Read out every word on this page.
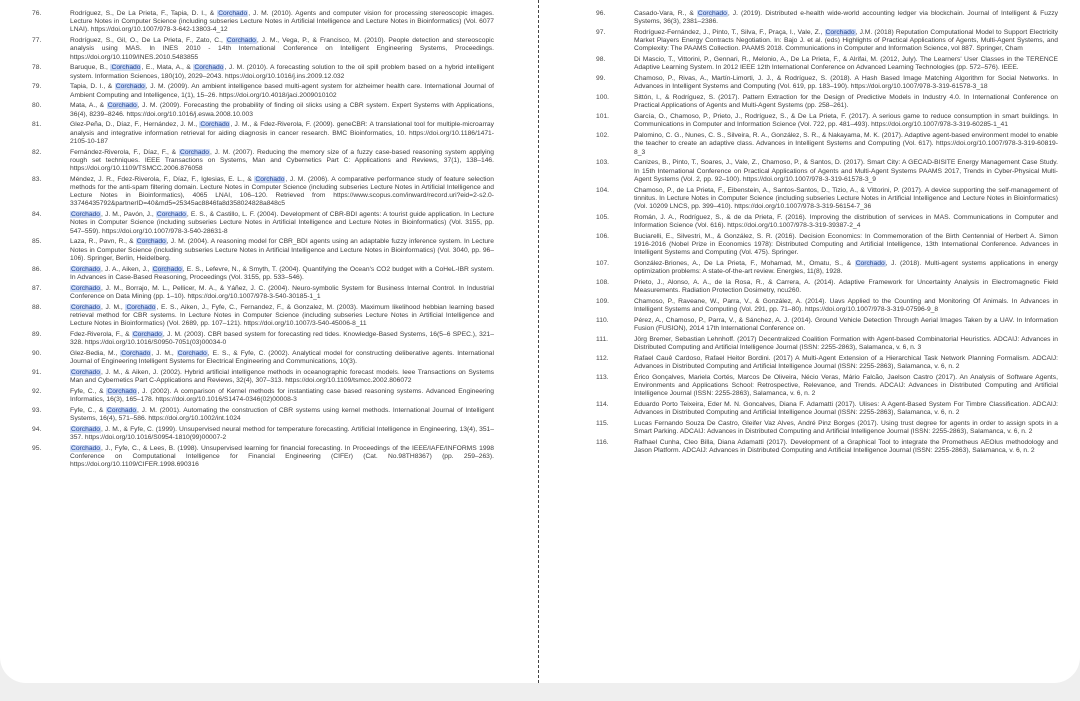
76.	Rodríguez, S., De La Prieta, F., Tapia, D. I., & Corchado, J. M. (2010). Agents and computer vision for processing stereoscopic images. Lecture Notes in Computer Science (including subseries Lecture Notes in Artificial Intelligence and Lecture Notes in Bioinformatics) (Vol. 6077 LNAI). https://doi.org/10.1007/978-3-642-13803-4_12
77.	Rodríguez, S., Gil, O., De La Prieta, F., Zato, C., Corchado, J. M., Vega, P., & Francisco, M. (2010). People detection and stereoscopic analysis using MAS. In INES 2010 - 14th International Conference on Intelligent Engineering Systems, Proceedings. https://doi.org/10.1109/INES.2010.5483855
78.	Baruque, B., Corchado, E., Mata, A., & Corchado, J. M. (2010). A forecasting solution to the oil spill problem based on a hybrid intelligent system. Information Sciences, 180(10), 2029–2043. https://doi.org/10.1016/j.ins.2009.12.032
79.	Tapia, D. I., & Corchado, J. M. (2009). An ambient intelligence based multi-agent system for alzheimer health care. International Journal of Ambient Computing and Intelligence, 1(1), 15–26. https://doi.org/10.4018/jaci.2009010102
80.	Mata, A., & Corchado, J. M. (2009). Forecasting the probability of finding oil slicks using a CBR system. Expert Systems with Applications, 36(4), 8239–8246. https://doi.org/10.1016/j.eswa.2008.10.003
81.	Glez-Peña, D., Díaz, F., Hernández, J. M., Corchado, J. M., & Fdez-Riverola, F. (2009). geneCBR: A translational tool for multiple-microarray analysis and integrative information retrieval for aiding diagnosis in cancer research. BMC Bioinformatics, 10. https://doi.org/10.1186/1471-2105-10-187
82.	Fernández-Riverola, F., Díaz, F., & Corchado, J. M. (2007). Reducing the memory size of a fuzzy case-based reasoning system applying rough set techniques. IEEE Transactions on Systems, Man and Cybernetics Part C: Applications and Reviews, 37(1), 138–146. https://doi.org/10.1109/TSMCC.2006.876058
83.	Méndez, J. R., Fdez-Riverola, F., Díaz, F., Iglesias, E. L., & Corchado, J. M. (2006). A comparative performance study of feature selection methods for the anti-spam filtering domain. Lecture Notes in Computer Science (including subseries Lecture Notes in Artificial Intelligence and Lecture Notes in Bioinformatics), 4065 LNAI, 106–120. Retrieved from https://www.scopus.com/inward/record.uri?eid=2-s2.0-33746435792&partnerID=40&md5=25345ac8846fa8d358024828a848c5
84.	Corchado, J. M., Pavón, J., Corchado, E. S., & Castillo, L. F. (2004). Development of CBR-BDI agents: A tourist guide application. In Lecture Notes in Computer Science (including subseries Lecture Notes in Artificial Intelligence and Lecture Notes in Bioinformatics) (Vol. 3155, pp. 547–559). https://doi.org/10.1007/978-3-540-28631-8
85.	Laza, R., Pavn, R., & Corchado, J. M. (2004). A reasoning model for CBR_BDI agents using an adaptable fuzzy inference system. In Lecture Notes in Computer Science (including subseries Lecture Notes in Artificial Intelligence and Lecture Notes in Bioinformatics) (Vol. 3040, pp. 96–106). Springer, Berlin, Heidelberg.
86.	Corchado, J. A., Aiken, J., Corchado, E. S., Lefevre, N., & Smyth, T. (2004). Quantifying the Ocean's CO2 budget with a CoHeL-IBR system. In Advances in Case-Based Reasoning, Proceedings (Vol. 3155, pp. 533–546).
87.	Corchado, J. M., Borrajo, M. L., Pellicer, M. A., & Yáñez, J. C. (2004). Neuro-symbolic System for Business Internal Control. In Industrial Conference on Data Mining (pp. 1–10). https://doi.org/10.1007/978-3-540-30185-1_1
88.	Corchado, J. M., Corchado, E. S., Aiken, J., Fyfe, C., Fernandez, F., & Gonzalez, M. (2003). Maximum likelihood hebbian learning based retrieval method for CBR systems. In Lecture Notes in Computer Science (including subseries Lecture Notes in Artificial Intelligence and Lecture Notes in Bioinformatics) (Vol. 2689, pp. 107–121). https://doi.org/10.1007/3-540-45006-8_11
89.	Fdez-Riverola, F., & Corchado, J. M. (2003). CBR based system for forecasting red tides. Knowledge-Based Systems, 16(5–6 SPEC.), 321–328. https://doi.org/10.1016/S0950-7051(03)00034-0
90.	Glez-Bedia, M., Corchado, J. M., Corchado, E. S., & Fyfe, C. (2002). Analytical model for constructing deliberative agents. International Journal of Engineering Intelligent Systems for Electrical Engineering and Communications, 10(3).
91.	Corchado, J. M., & Aiken, J. (2002). Hybrid artificial intelligence methods in oceanographic forecast models. Ieee Transactions on Systems Man and Cybernetics Part C-Applications and Reviews, 32(4), 307–313. https://doi.org/10.1109/tsmcc.2002.806072
92.	Fyfe, C., & Corchado, J. (2002). A comparison of Kernel methods for instantiating case based reasoning systems. Advanced Engineering Informatics, 16(3), 165–178. https://doi.org/10.1016/S1474-0346(02)00008-3
93.	Fyfe, C., & Corchado, J. M. (2001). Automating the construction of CBR systems using kernel methods. International Journal of Intelligent Systems, 16(4), 571–586. https://doi.org/10.1002/int.1024
94.	Corchado, J. M., & Fyfe, C. (1999). Unsupervised neural method for temperature forecasting. Artificial Intelligence in Engineering, 13(4), 351–357. https://doi.org/10.1016/S0954-1810(99)00007-2
95.	Corchado, J., Fyfe, C., & Lees, B. (1998). Unsupervised learning for financial forecasting. In Proceedings of the IEEE/IAFE/INFORMS 1998 Conference on Computational Intelligence for Financial Engineering (CIFEr) (Cat. No.98TH8367) (pp. 259–263). https://doi.org/10.1109/CIFER.1998.690316
96.	Casado-Vara, R., & Corchado, J. (2019). Distributed e-health wide-world accounting ledger via blockchain. Journal of Intelligent & Fuzzy Systems, 36(3), 2381–2386.
97.	Rodríguez-Fernández, J., Pinto, T., Silva, F., Praça, I., Vale, Z., Corchado, J.M. (2018) Reputation Computational Model to Support Electricity Market Players Energy Contracts Negotiation. In: Bajo J. et al. (eds) Highlights of Practical Applications of Agents, Multi-Agent Systems, and Complexity: The PAAMS Collection. PAAMS 2018. Communications in Computer and Information Science, vol 887. Springer, Cham
98.	Di Mascio, T., Vittorini, P., Gennari, R., Melonio, A., De La Prieta, F., & Alrifai, M. (2012, July). The Learners' User Classes in the TERENCE Adaptive Learning System. In 2012 IEEE 12th International Conference on Advanced Learning Technologies (pp. 572–576). IEEE.
99.	Chamoso, P., Rivas, A., Martín-Limorti, J. J., & Rodríguez, S. (2018). A Hash Based Image Matching Algorithm for Social Networks. In Advances in Intelligent Systems and Computing (Vol. 619, pp. 183–190). https://doi.org/10.1007/978-3-319-61578-3_18
100.	Sittón, I., & Rodríguez, S. (2017). Pattern Extraction for the Design of Predictive Models in Industry 4.0. In International Conference on Practical Applications of Agents and Multi-Agent Systems (pp. 258–261).
101.	García, O., Chamoso, P., Prieto, J., Rodríguez, S., & De La Prieta, F. (2017). A serious game to reduce consumption in smart buildings. In Communications in Computer and Information Science (Vol. 722, pp. 481–493). https://doi.org/10.1007/978-3-319-60285-1_41
102.	Palomino, C. G., Nunes, C. S., Silveira, R. A., González, S. R., & Nakayama, M. K. (2017). Adaptive agent-based environment model to enable the teacher to create an adaptive class. Advances in Intelligent Systems and Computing (Vol. 617). https://doi.org/10.1007/978-3-319-60819-8_3
103.	Canizes, B., Pinto, T., Soares, J., Vale, Z., Chamoso, P., & Santos, D. (2017). Smart City: A GECAD-BISITE Energy Management Case Study. In 15th International Conference on Practical Applications of Agents and Multi-Agent Systems PAAMS 2017, Trends in Cyber-Physical Multi-Agent Systems (Vol. 2, pp. 92–100). https://doi.org/10.1007/978-3-319-61578-3_9
104.	Chamoso, P., de La Prieta, F., Eibenstein, A., Santos-Santos, D., Tizio, A., & Vittorini, P. (2017). A device supporting the self-management of tinnitus. In Lecture Notes in Computer Science (including subseries Lecture Notes in Artificial Intelligence and Lecture Notes in Bioinformatics) (Vol. 10209 LNCS, pp. 399–410). https://doi.org/10.1007/978-3-319-56154-7_36
105.	Román, J. A., Rodríguez, S., & de da Prieta, F. (2016). Improving the distribution of services in MAS. Communications in Computer and Information Science (Vol. 616). https://doi.org/10.1007/978-3-319-39387-2_4
106.	Buciarelli, E., Silvestri, M., & González, S. R. (2016). Decision Economics: In Commemoration of the Birth Centennial of Herbert A. Simon 1916-2016 (Nobel Prize in Economics 1978): Distributed Computing and Artificial Intelligence, 13th International Conference. Advances in Intelligent Systems and Computing (Vol. 475). Springer.
107.	González-Briones, A., De La Prieta, F., Mohamad, M., Omatu, S., & Corchado, J. (2018). Multi-agent systems applications in energy optimization problems: A state-of-the-art review. Energies, 11(8), 1928.
108.	Prieto, J., Alonso, A. A., de la Rosa, R., & Carrera, A. (2014). Adaptive Framework for Uncertainty Analysis in Electromagnetic Field Measurements. Radiation Protection Dosimetry, ncu260.
109.	Chamoso, P., Raveane, W., Parra, V., & González, A. (2014). Uavs Applied to the Counting and Monitoring Of Animals. In Advances in Intelligent Systems and Computing (Vol. 291, pp. 71–80). https://doi.org/10.1007/978-3-319-07596-9_8
110.	Pérez, A., Chamoso, P., Parra, V., & Sánchez, A. J. (2014). Ground Vehicle Detection Through Aerial Images Taken by a UAV. In Information Fusion (FUSION), 2014 17th International Conference on.
111.	Jörg Bremer, Sebastian Lehnhoff. (2017) Decentralized Coalition Formation with Agent-based Combinatorial Heuristics. ADCAIJ: Advances in Distributed Computing and Artificial Intelligence Journal (ISSN: 2255-2863), Salamanca, v. 6, n. 3
112.	Rafael Cauê Cardoso, Rafael Heitor Bordini. (2017) A Multi-Agent Extension of a Hierarchical Task Network Planning Formalism. ADCAIJ: Advances in Distributed Computing and Artificial Intelligence Journal (ISSN: 2255-2863), Salamanca, v. 6, n. 2
113.	Érico Gonçalves, Mariela Cortés, Marcos De Oliveira, Nécio Veras, Mário Falcão, Jaelson Castro (2017). An Analysis of Software Agents, Environments and Applications School: Retrospective, Relevance, and Trends. ADCAIJ: Advances in Distributed Computing and Artificial Intelligence Journal (ISSN: 2255-2863), Salamanca, v. 6, n. 2
114.	Eduardo Porto Teixeira, Eder M. N. Goncalves, Diana F. Adamatti (2017). Ulises: A Agent-Based System For Timbre Classification. ADCAIJ: Advances in Distributed Computing and Artificial Intelligence Journal (ISSN: 2255-2863), Salamanca, v. 6, n. 2
115.	Lucas Fernando Souza De Castro, Gleifer Vaz Alves, André Pinz Borges (2017). Using trust degree for agents in order to assign spots in a Smart Parking. ADCAIJ: Advances in Distributed Computing and Artificial Intelligence Journal (ISSN: 2255-2863), Salamanca, v. 6, n. 2
116.	Rafhael Cunha, Cleo Billa, Diana Adamatti (2017). Development of a Graphical Tool to integrate the Prometheus AEOlus methodology and Jason Platform. ADCAIJ: Advances in Distributed Computing and Artificial Intelligence Journal (ISSN: 2255-2863), Salamanca, v. 6, n. 2
